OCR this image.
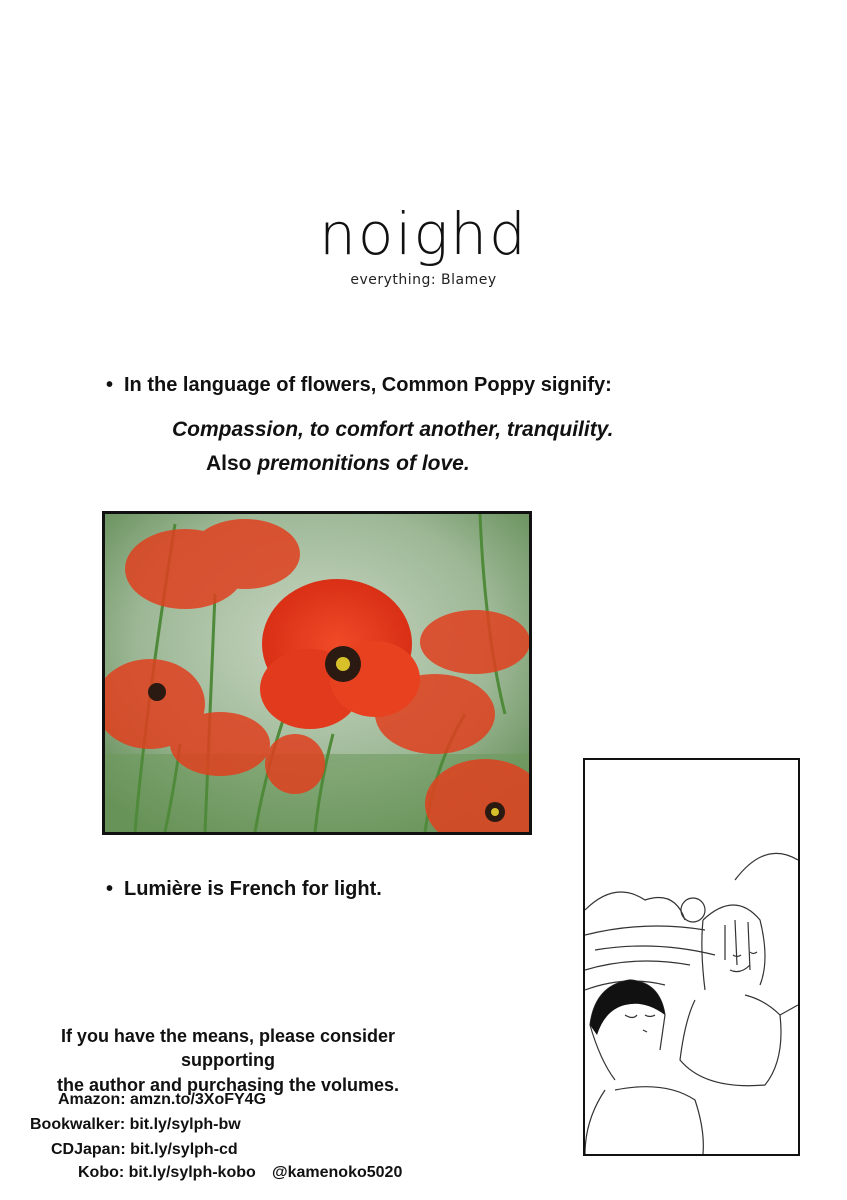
noighd
everything: Blamey
• In the language of flowers, Common Poppy signify:
Compassion, to comfort another, tranquility.
Also premonitions of love.
• Lumière is French for light.
If you have the means, please consider supporting
the author and purchasing the volumes.
Amazon: amzn.to/3XoFY4G
Bookwalker: bit.ly/sylph-bw
CDJapan: bit.ly/sylph-cd
Kobo: bit.ly/sylph-kobo @kamenoko5020
